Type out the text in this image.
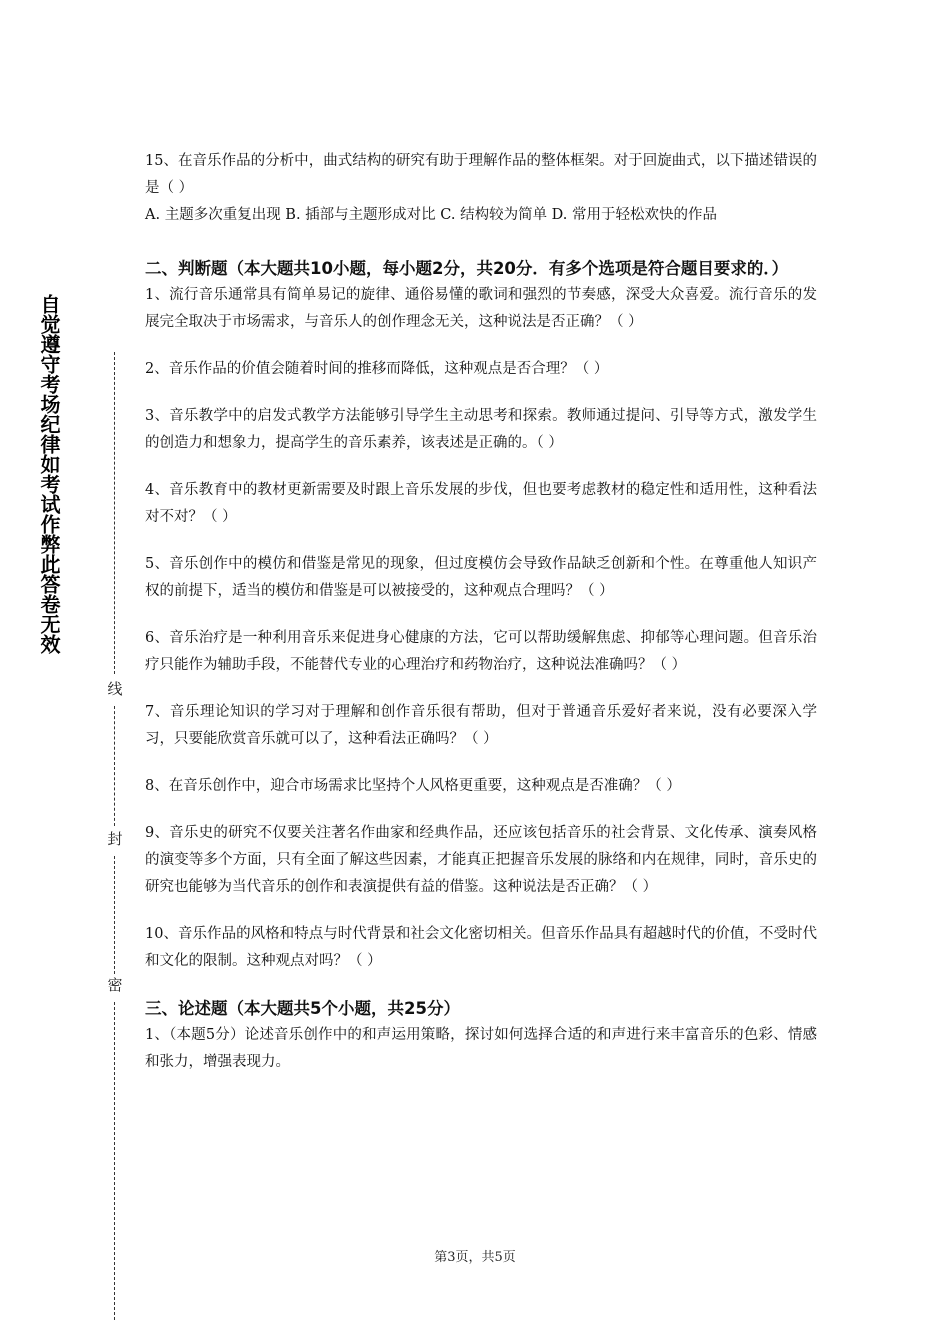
自觉遵守考场纪律如考试作弊此答卷无效
线
封
密

15、在音乐作品的分析中，曲式结构的研究有助于理解作品的整体框架。对于回旋曲式，以下描述错误的是（ ）

A. 主题多次重复出现 B. 插部与主题形成对比 C. 结构较为简单 D. 常用于轻松欢快的作品

二、判断题（本大题共10小题，每小题2分，共20分．有多个选项是符合题目要求的．）

1、流行音乐通常具有简单易记的旋律、通俗易懂的歌词和强烈的节奏感，深受大众喜爱。流行音乐的发展完全取决于市场需求，与音乐人的创作理念无关，这种说法是否正确？（ ）

2、音乐作品的价值会随着时间的推移而降低，这种观点是否合理？（ ）

3、音乐教学中的启发式教学方法能够引导学生主动思考和探索。教师通过提问、引导等方式，激发学生的创造力和想象力，提高学生的音乐素养，该表述是正确的。（ ）

4、音乐教育中的教材更新需要及时跟上音乐发展的步伐，但也要考虑教材的稳定性和适用性，这种看法对不对？（ ）

5、音乐创作中的模仿和借鉴是常见的现象，但过度模仿会导致作品缺乏创新和个性。在尊重他人知识产权的前提下，适当的模仿和借鉴是可以被接受的，这种观点合理吗？（ ）

6、音乐治疗是一种利用音乐来促进身心健康的方法，它可以帮助缓解焦虑、抑郁等心理问题。但音乐治疗只能作为辅助手段，不能替代专业的心理治疗和药物治疗，这种说法准确吗？（ ）

7、音乐理论知识的学习对于理解和创作音乐很有帮助，但对于普通音乐爱好者来说，没有必要深入学习，只要能欣赏音乐就可以了，这种看法正确吗？（ ）

8、在音乐创作中，迎合市场需求比坚持个人风格更重要，这种观点是否准确？（ ）

9、音乐史的研究不仅要关注著名作曲家和经典作品，还应该包括音乐的社会背景、文化传承、演奏风格的演变等多个方面，只有全面了解这些因素，才能真正把握音乐发展的脉络和内在规律，同时，音乐史的研究也能够为当代音乐的创作和表演提供有益的借鉴。这种说法是否正确？（ ）

10、音乐作品的风格和特点与时代背景和社会文化密切相关。但音乐作品具有超越时代的价值，不受时代和文化的限制。这种观点对吗？（ ）

三、论述题（本大题共5个小题，共25分）

1、（本题5分）论述音乐创作中的和声运用策略，探讨如何选择合适的和声进行来丰富音乐的色彩、情感和张力，增强表现力。

第3页，共5页
